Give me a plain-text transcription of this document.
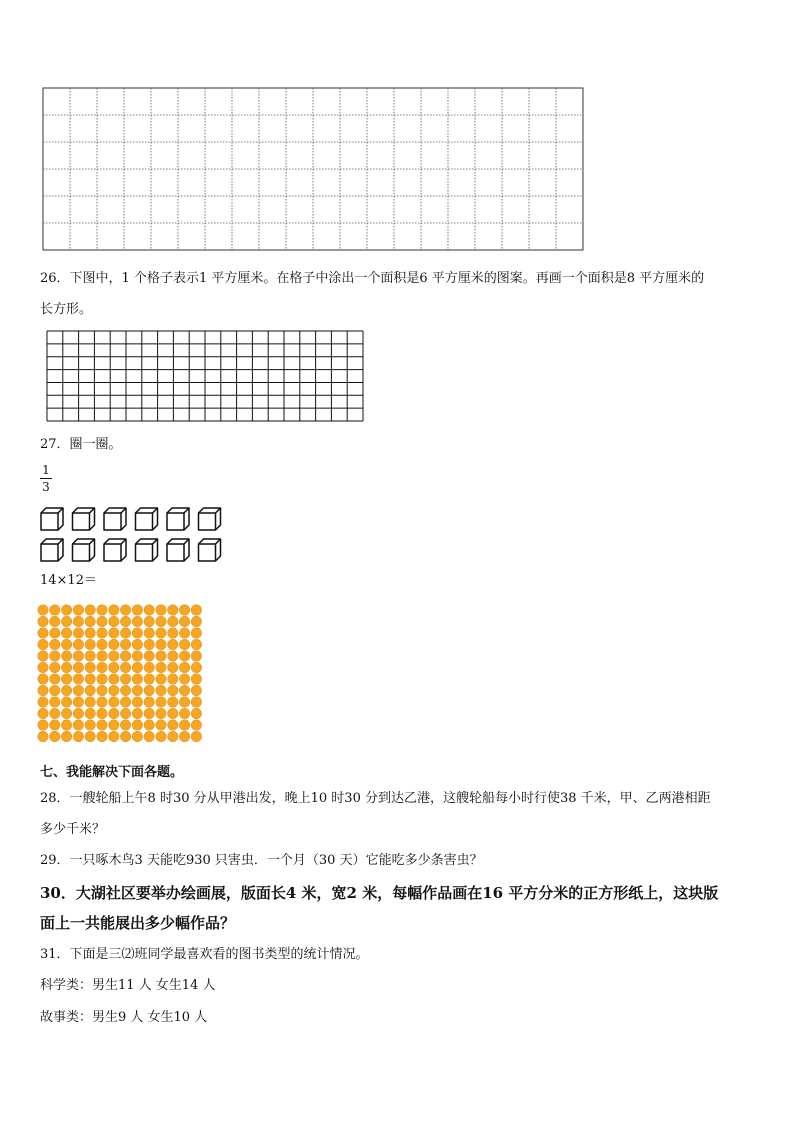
26．下图中，1 个格子表示1 平方厘米。在格子中涂出一个面积是6 平方厘米的图案。再画一个面积是8 平方厘米的
长方形。
27．圈一圈。
1
3
14×12＝
七、我能解决下面各题。
28．一艘轮船上午8 时30 分从甲港出发，晚上10 时30 分到达乙港，这艘轮船每小时行使38 千米，甲、乙两港相距
多少千米？
29．一只啄木鸟3 天能吃930 只害虫．一个月（30 天）它能吃多少条害虫？
30．大湖社区要举办绘画展，版面长4 米，宽2 米，每幅作品画在16 平方分米的正方形纸上，这块版
面上一共能展出多少幅作品？
31．下面是三⑵班同学最喜欢看的图书类型的统计情况。
科学类：男生11 人 女生14 人
故事类：男生9 人 女生10 人
